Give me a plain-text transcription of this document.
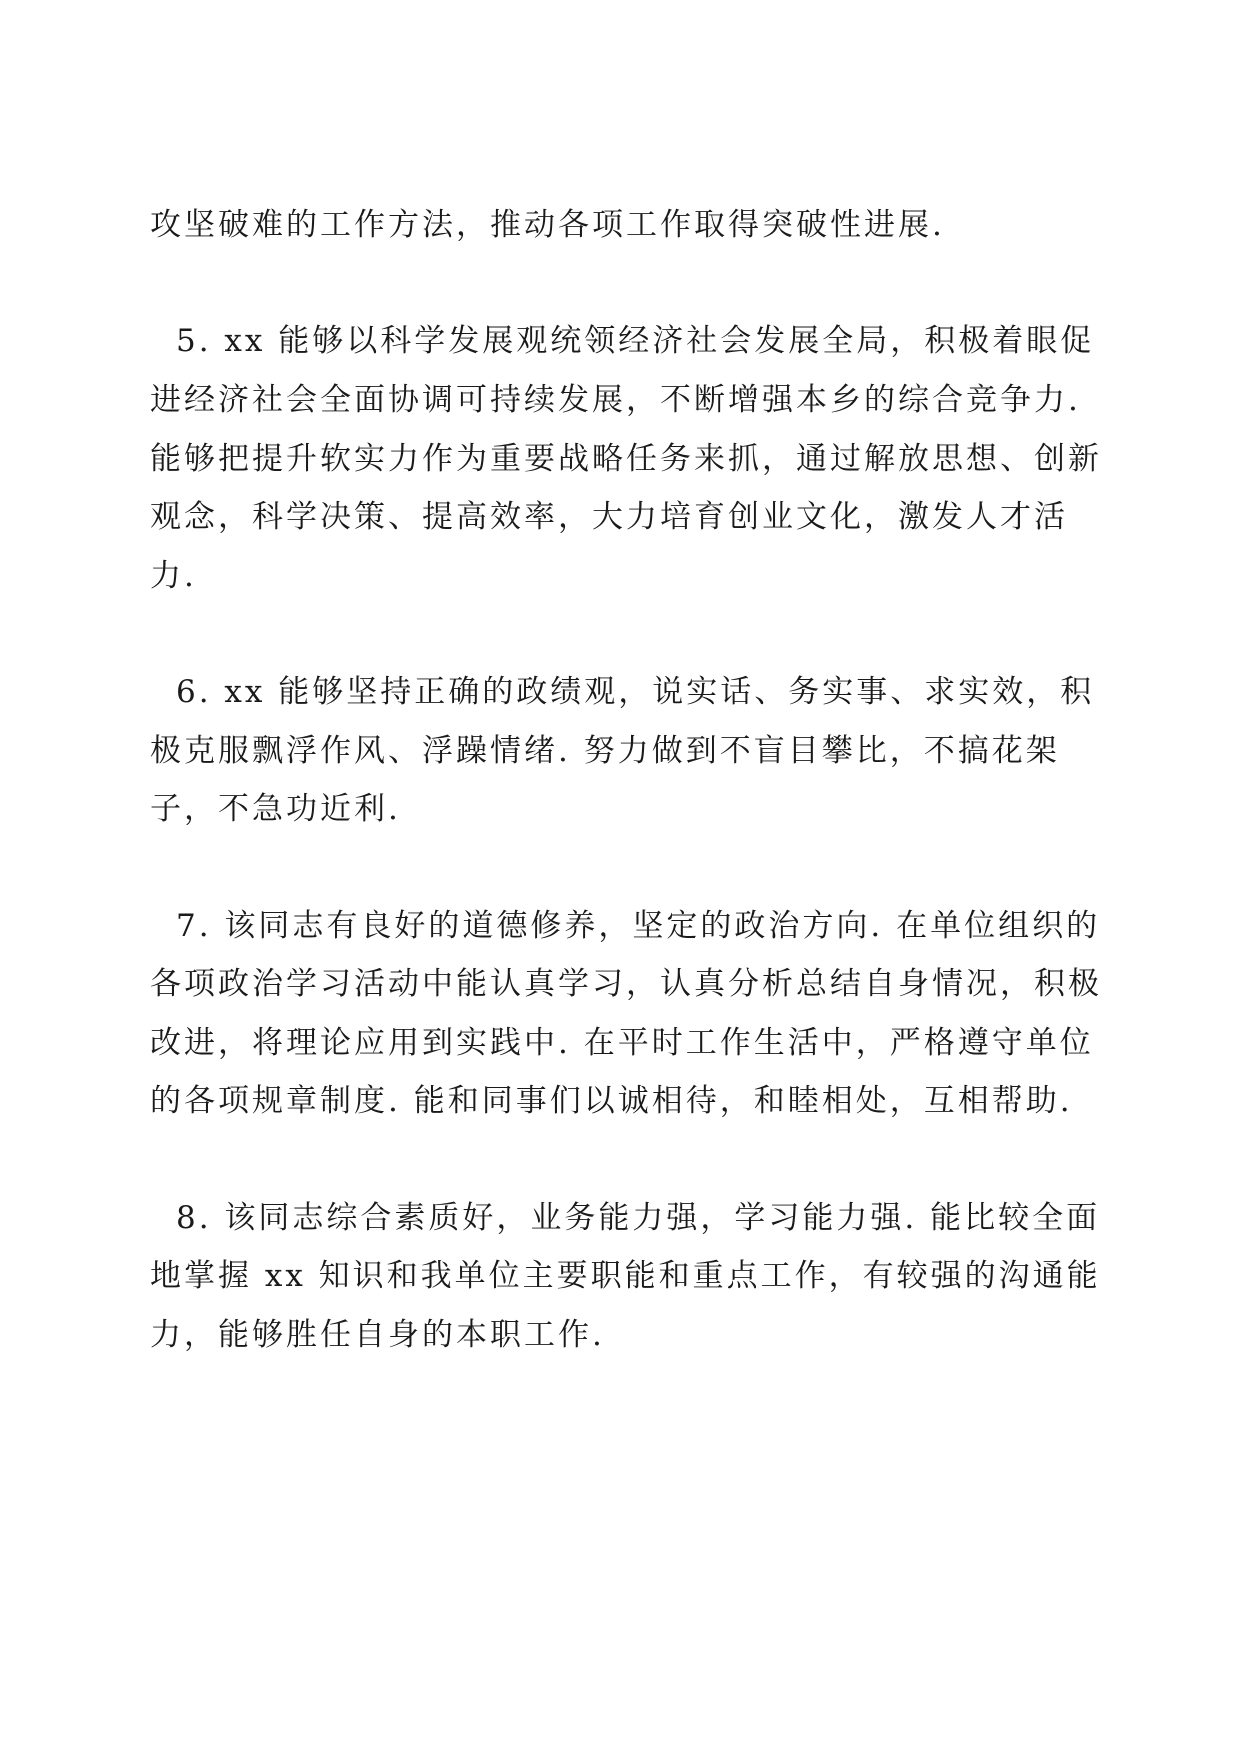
攻坚破难的工作方法，推动各项工作取得突破性进展.
5. xx 能够以科学发展观统领经济社会发展全局，积极着眼促
进经济社会全面协调可持续发展，不断增强本乡的综合竞争力.
能够把提升软实力作为重要战略任务来抓，通过解放思想、创新
观念，科学决策、提高效率，大力培育创业文化，激发人才活
力.
6. xx 能够坚持正确的政绩观，说实话、务实事、求实效，积
极克服飘浮作风、浮躁情绪. 努力做到不盲目攀比，不搞花架
子，不急功近利.
7. 该同志有良好的道德修养，坚定的政治方向. 在单位组织的
各项政治学习活动中能认真学习，认真分析总结自身情况，积极
改进，将理论应用到实践中. 在平时工作生活中，严格遵守单位
的各项规章制度. 能和同事们以诚相待，和睦相处，互相帮助.
8. 该同志综合素质好，业务能力强，学习能力强. 能比较全面
地掌握 xx 知识和我单位主要职能和重点工作，有较强的沟通能
力，能够胜任自身的本职工作.
